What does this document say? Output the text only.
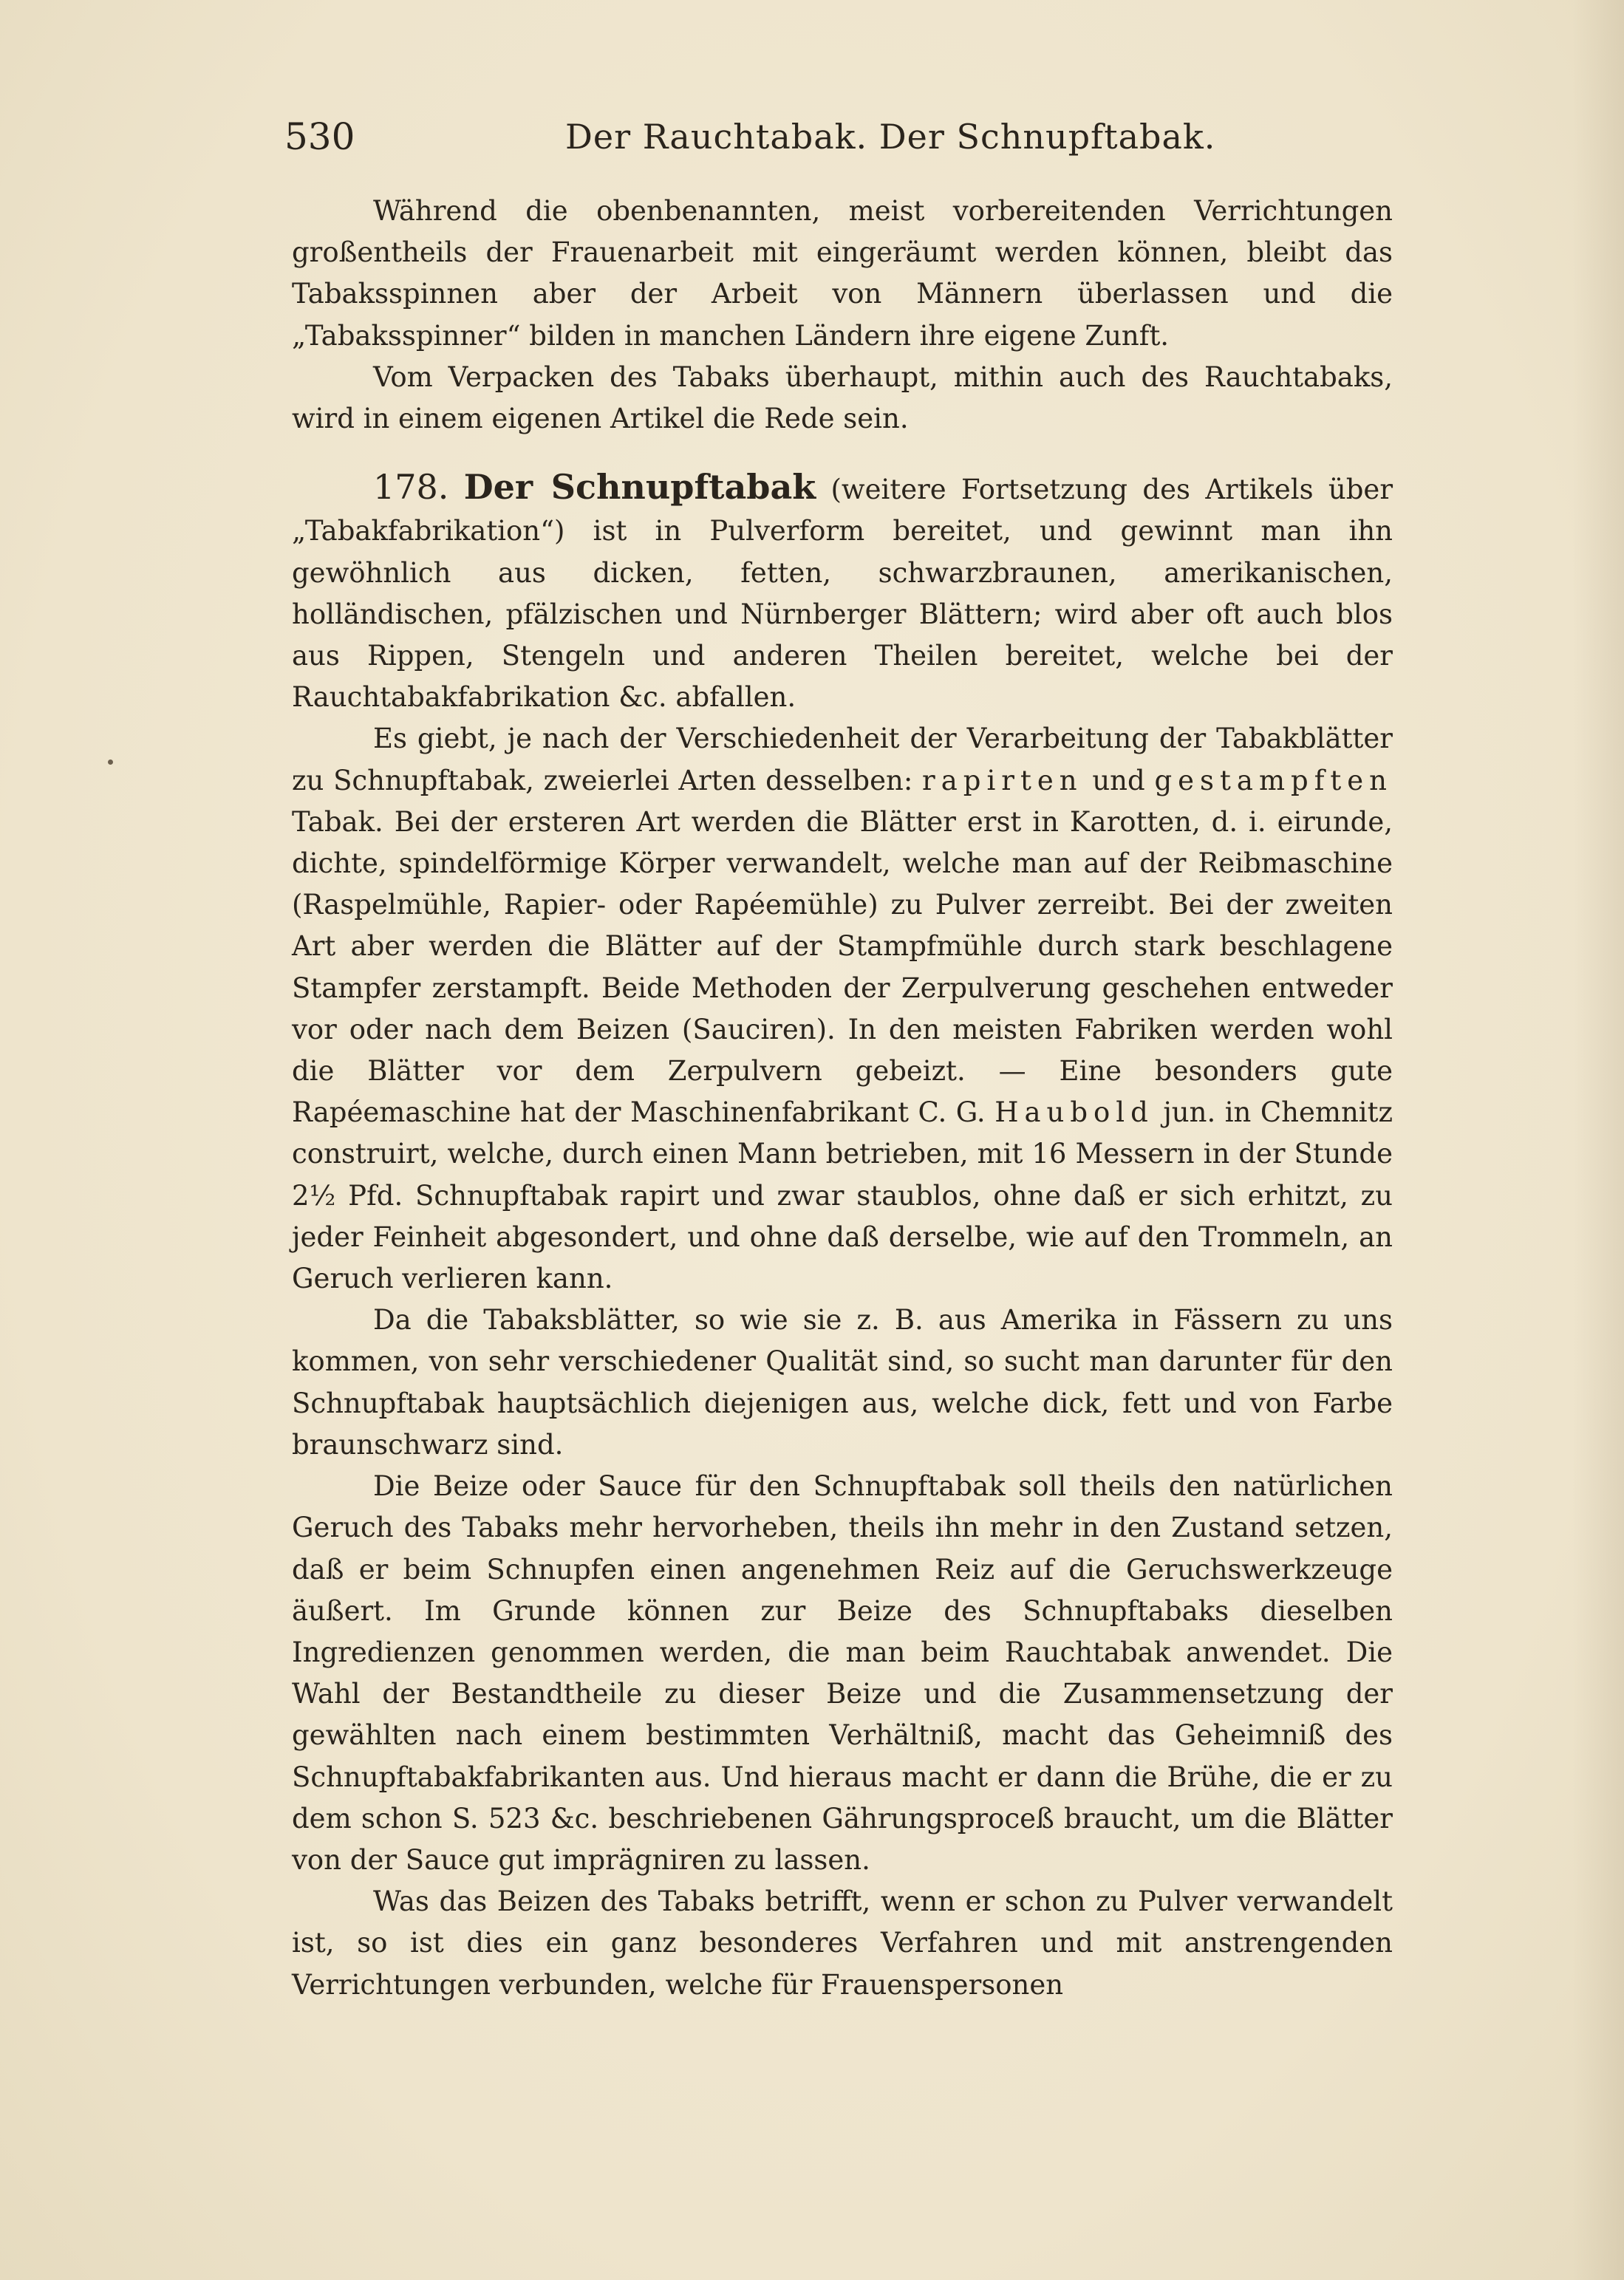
530	Der Rauchtabak. Der Schnupftabak.

Während die obenbenannten, meist vorbereitenden Verrichtungen großentheils der Frauenarbeit mit eingeräumt werden können, bleibt das Tabaksspinnen aber der Arbeit von Männern überlassen und die „Tabaksspinner“ bilden in manchen Ländern ihre eigene Zunft.

Vom Verpacken des Tabaks überhaupt, mithin auch des Rauchtabaks, wird in einem eigenen Artikel die Rede sein.

178. Der Schnupftabak (weitere Fortsetzung des Artikels über „Tabakfabrikation“) ist in Pulverform bereitet, und gewinnt man ihn gewöhnlich aus dicken, fetten, schwarzbraunen, amerikanischen, holländischen, pfälzischen und Nürnberger Blättern; wird aber oft auch blos aus Rippen, Stengeln und anderen Theilen bereitet, welche bei der Rauchtabakfabrikation &c. abfallen.

Es giebt, je nach der Verschiedenheit der Verarbeitung der Tabakblätter zu Schnupftabak, zweierlei Arten desselben: rapirten und gestampften Tabak. Bei der ersteren Art werden die Blätter erst in Karotten, d. i. eirunde, dichte, spindelförmige Körper verwandelt, welche man auf der Reibmaschine (Raspelmühle, Rapier- oder Rapéemühle) zu Pulver zerreibt. Bei der zweiten Art aber werden die Blätter auf der Stampfmühle durch stark beschlagene Stampfer zerstampft. Beide Methoden der Zerpulverung geschehen entweder vor oder nach dem Beizen (Sauciren). In den meisten Fabriken werden wohl die Blätter vor dem Zerpulvern gebeizt. — Eine besonders gute Rapéemaschine hat der Maschinenfabrikant C. G. Haubold jun. in Chemnitz construirt, welche, durch einen Mann betrieben, mit 16 Messern in der Stunde 2½ Pfd. Schnupftabak rapirt und zwar staublos, ohne daß er sich erhitzt, zu jeder Feinheit abgesondert, und ohne daß derselbe, wie auf den Trommeln, an Geruch verlieren kann.

Da die Tabaksblätter, so wie sie z. B. aus Amerika in Fässern zu uns kommen, von sehr verschiedener Qualität sind, so sucht man darunter für den Schnupftabak hauptsächlich diejenigen aus, welche dick, fett und von Farbe braunschwarz sind.

Die Beize oder Sauce für den Schnupftabak soll theils den natürlichen Geruch des Tabaks mehr hervorheben, theils ihn mehr in den Zustand setzen, daß er beim Schnupfen einen angenehmen Reiz auf die Geruchswerkzeuge äußert. Im Grunde können zur Beize des Schnupftabaks dieselben Ingredienzen genommen werden, die man beim Rauchtabak anwendet. Die Wahl der Bestandtheile zu dieser Beize und die Zusammensetzung der gewählten nach einem bestimmten Verhältniß, macht das Geheimniß des Schnupftabakfabrikanten aus. Und hieraus macht er dann die Brühe, die er zu dem schon S. 523 &c. beschriebenen Gährungsproceß braucht, um die Blätter von der Sauce gut imprägniren zu lassen.

Was das Beizen des Tabaks betrifft, wenn er schon zu Pulver verwandelt ist, so ist dies ein ganz besonderes Verfahren und mit anstrengenden Verrichtungen verbunden, welche für Frauenspersonen
